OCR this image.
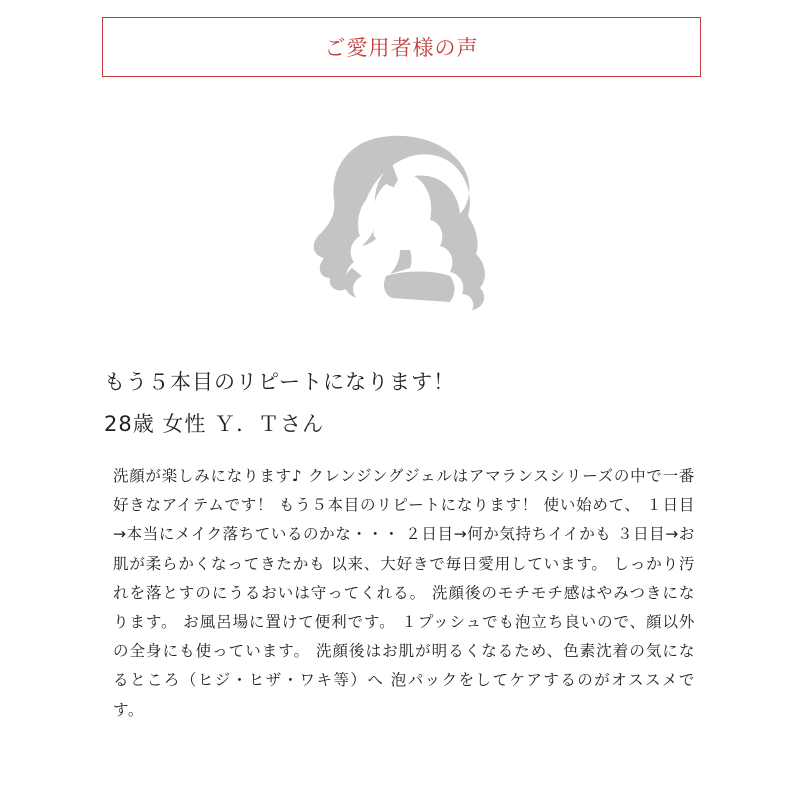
ご愛用者様の声
もう５本目のリピートになります！
28歳 女性 Ｙ．Ｔさん
洗顔が楽しみになります♪ クレンジングジェルはアマランスシリーズの中で一番好きなアイテムです！ もう５本目のリピートになります！ 使い始めて、 １日目→本当にメイク落ちているのかな・・・ ２日目→何か気持ちイイかも ３日目→お肌が柔らかくなってきたかも 以来、大好きで毎日愛用しています。 しっかり汚れを落とすのにうるおいは守ってくれる。 洗顔後のモチモチ感はやみつきになります。 お風呂場に置けて便利です。 １プッシュでも泡立ち良いので、顔以外の全身にも使っています。 洗顔後はお肌が明るくなるため、色素沈着の気になるところ（ヒジ・ヒザ・ワキ等）へ 泡パックをしてケアするのがオススメです。
